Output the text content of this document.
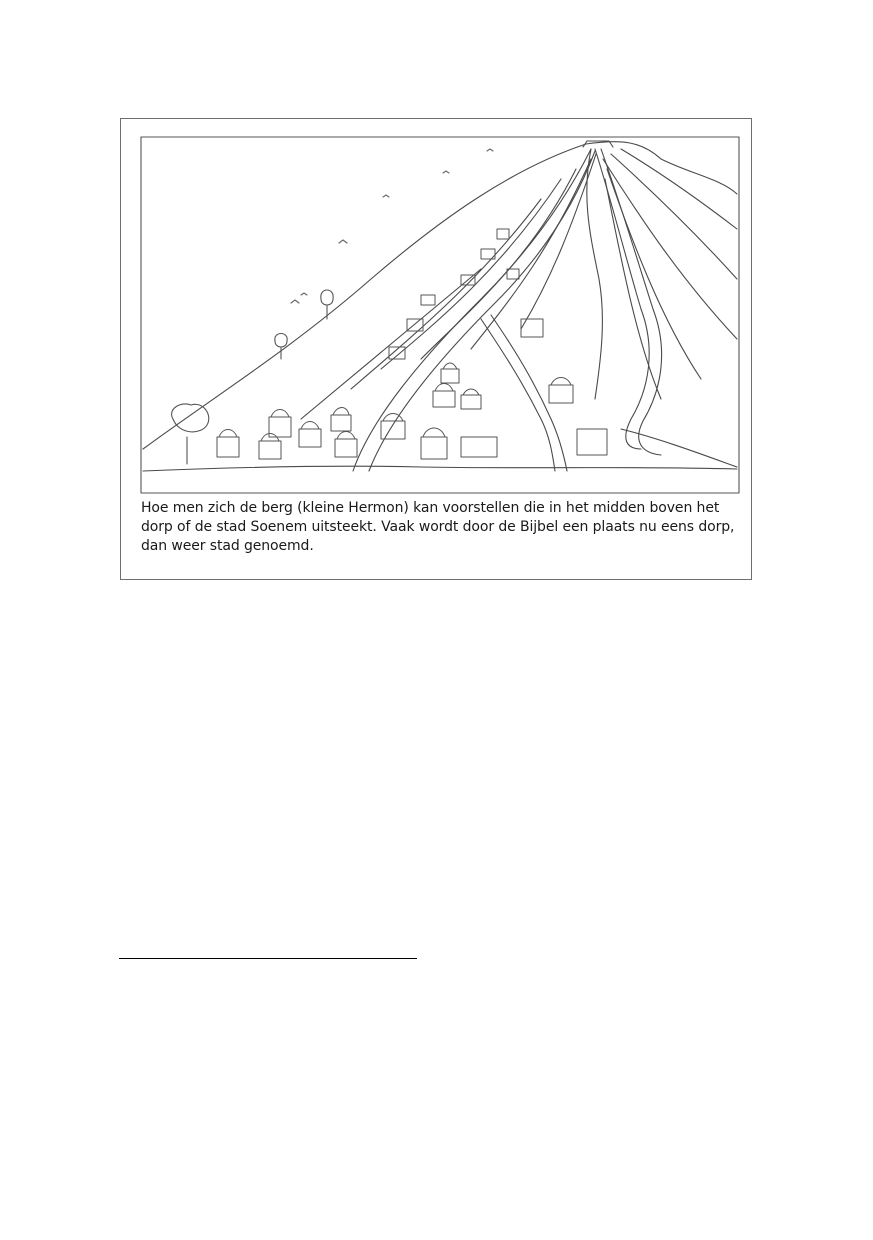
Hoe men zich de berg (kleine Hermon) kan voorstellen die in het midden boven het
dorp of de stad Soenem uitsteekt. Vaak wordt door de Bijbel een plaats nu eens dorp,
dan weer stad genoemd.
